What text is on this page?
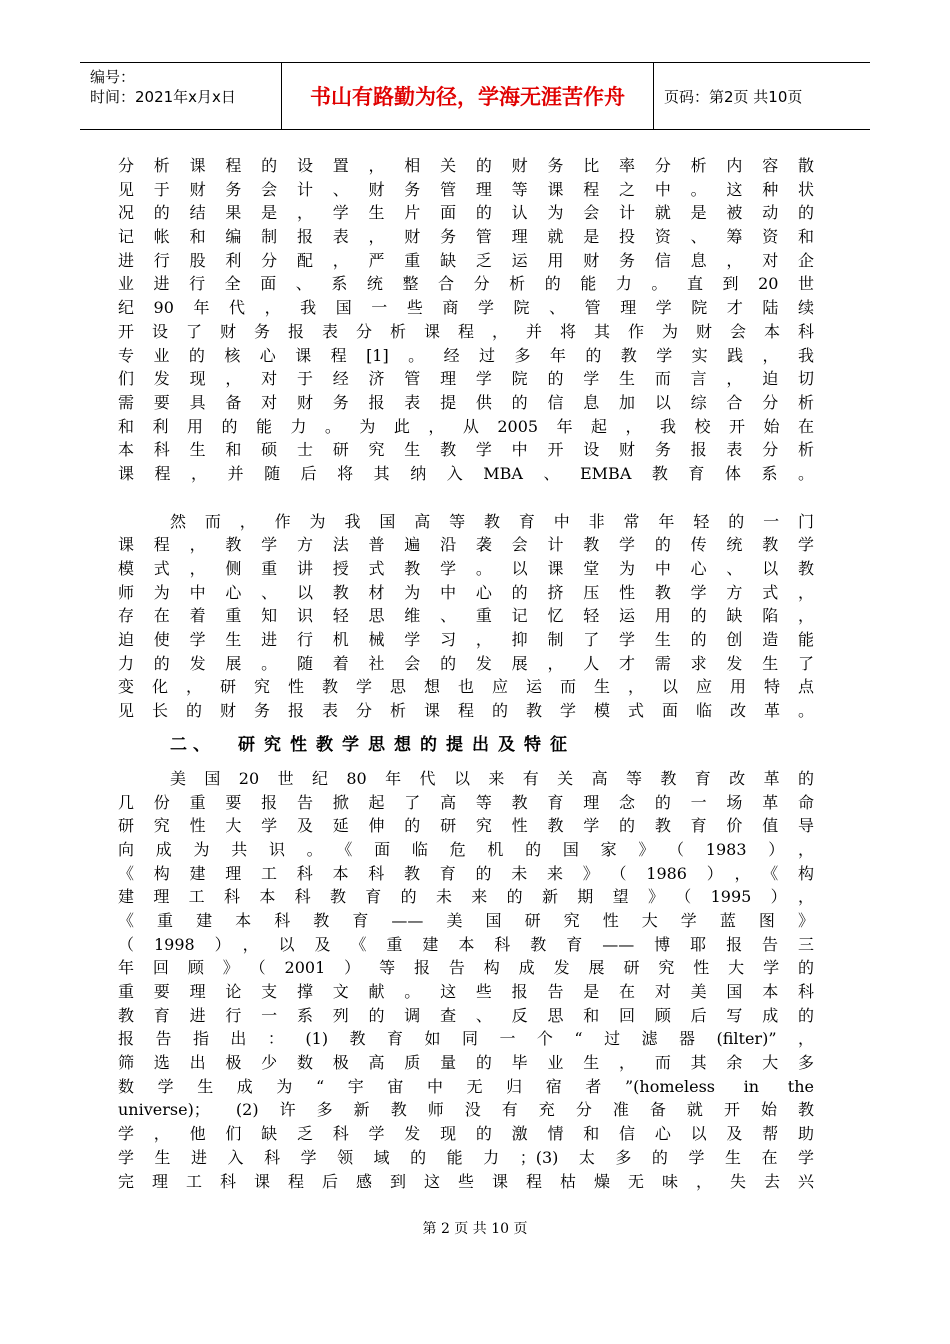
编号：
时间：2021年x月x日	书山有路勤为径，学海无涯苦作舟	页码：第2页 共10页
分析课程的设置，相关的财务比率分析内容散
见于财务会计、财务管理等课程之中。这种状
况的结果是，学生片面的认为会计就是被动的
记帐和编制报表，财务管理就是投资、筹资和
进行股利分配，严重缺乏运用财务信息，对企
业进行全面、系统整合分析的能力。直到20世
纪90年代，我国一些商学院、管理学院才陆续
开设了财务报表分析课程，并将其作为财会本科
专业的核心课程[1]。经过多年的教学实践，我
们发现，对于经济管理学院的学生而言，迫切
需要具备对财务报表提供的信息加以综合分析
和利用的能力。为此，从2005年起，我校开始在
本科生和硕士研究生教学中开设财务报表分析
课程，并随后将其纳入MBA、EMBA教育体系。
然而，作为我国高等教育中非常年轻的一门
课程，教学方法普遍沿袭会计教学的传统教学
模式，侧重讲授式教学。以课堂为中心、以教
师为中心、以教材为中心的挤压性教学方式，
存在着重知识轻思维、重记忆轻运用的缺陷，
迫使学生进行机械学习，抑制了学生的创造能
力的发展。随着社会的发展，人才需求发生了
变化，研究性教学思想也应运而生，以应用特点
见长的财务报表分析课程的教学模式面临改革。
二、 研究性教学思想的提出及特征
美国20世纪80年代以来有关高等教育改革的
几份重要报告掀起了高等教育理念的一场革命
研究性大学及延伸的研究性教学的教育价值导
向成为共识。《面临危机的国家》（1983），
《构建理工科本科教育的未来》（1986），《构
建理工科本科教育的未来的新期望》（1995），
《重建本科教育——美国研究性大学蓝图》
（1998），以及《重建本科教育——博耶报告三
年回顾》（2001）等报告构成发展研究性大学的
重要理论支撑文献。这些报告是在对美国本科
教育进行一系列的调查、反思和回顾后写成的
报告指出：(1)教育如同一个“过滤器(filter)”，
筛选出极少数极高质量的毕业生，而其余大多
数学生成为“宇宙中无归宿者”(homeless in the
universe)； (2)许多新教师没有充分准备就开始教
学，他们缺乏科学发现的激情和信心以及帮助
学生进入科学领域的能力；(3)太多的学生在学
完理工科课程后感到这些课程枯燥无味，失去兴
第 2 页 共 10 页
